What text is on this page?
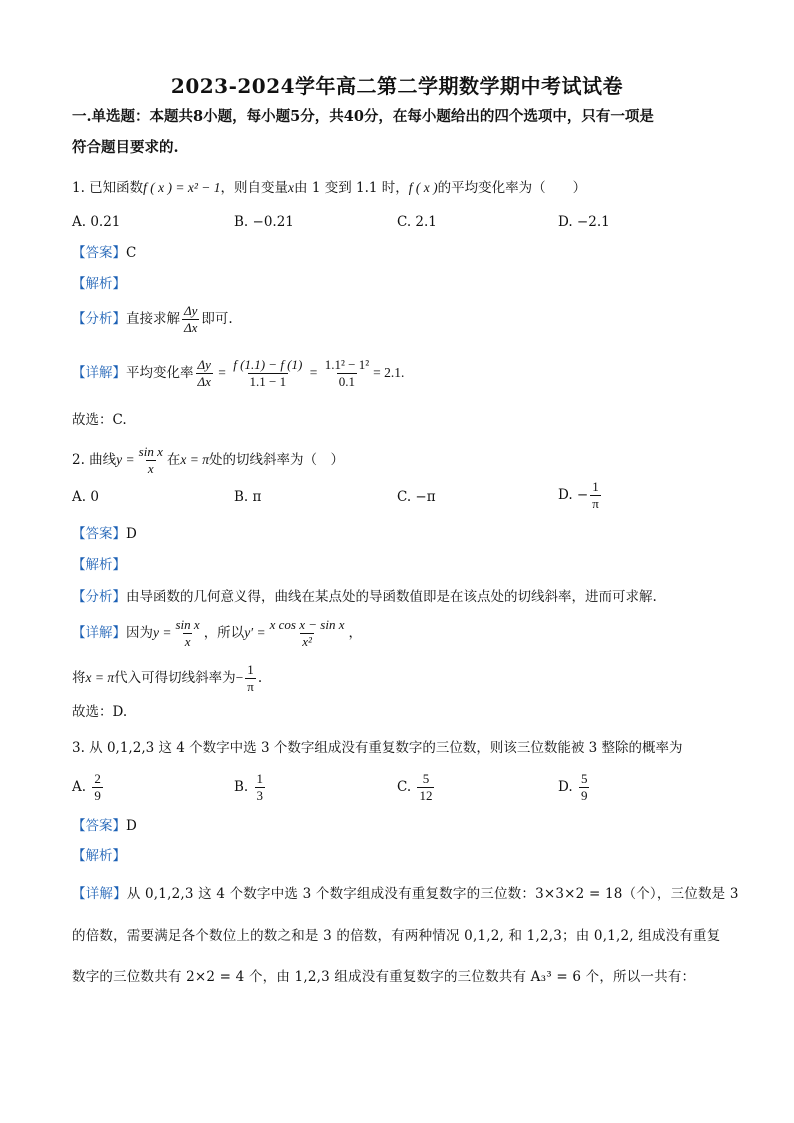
2023-2024学年高二第二学期数学期中考试试卷
一.单选题：本题共8小题，每小题5分，共40分，在每小题给出的四个选项中，只有一项是
符合题目要求的.
1. 已知函数f ( x ) = x² − 1，则自变量x由 1 变到 1.1 时，f ( x )的平均变化率为（　　）
A. 0.21	B. −0.21	C. 2.1	D. −2.1
【答案】C
【解析】
【分析】直接求解 $\frac{\Delta y}{\Delta x}$ 即可.
【详解】平均变化率 $\frac{\Delta y}{\Delta x} = \frac{f (1.1) - f (1)}{1.1 - 1} = \frac{\text{1.1² − 1²}}{0.1} = 2.1$.
故选：C.
2. 曲线$y = \frac{\text{sin x}}{x}$ 在x = π处的切线斜率为（　）
A. 0	B. π	C. −π	D. − $\frac{1}{\pi}$
【答案】D
【解析】
【分析】由导函数的几何意义得，曲线在某点处的导函数值即是在该点处的切线斜率，进而可求解.
【详解】因为$y = \frac{\text{sin x}}{x}$ ，所以$y' = \frac{\text{x cos x − sin x}}{\text{x²}}$ ，
将x = π代入可得切线斜率为− $\frac{1}{\pi}$ .
故选：D.
3. 从 0,1,2,3 这 4 个数字中选 3 个数字组成没有重复数字的三位数，则该三位数能被 3 整除的概率为
A. $\frac{2}{9}$	B. $\frac{1}{3}$	C. $\frac{5}{12}$	D. $\frac{5}{9}$
【答案】D
【解析】
【详解】从 0,1,2,3 这 4 个数字中选 3 个数字组成没有重复数字的三位数：3×3×2 = 18（个），三位数是 3
的倍数，需要满足各个数位上的数之和是 3 的倍数，有两种情况 0,1,2, 和 1,2,3；由 0,1,2, 组成没有重复
数字的三位数共有 2×2 = 4 个，由 1,2,3 组成没有重复数字的三位数共有 A₃³ = 6 个，所以一共有：
